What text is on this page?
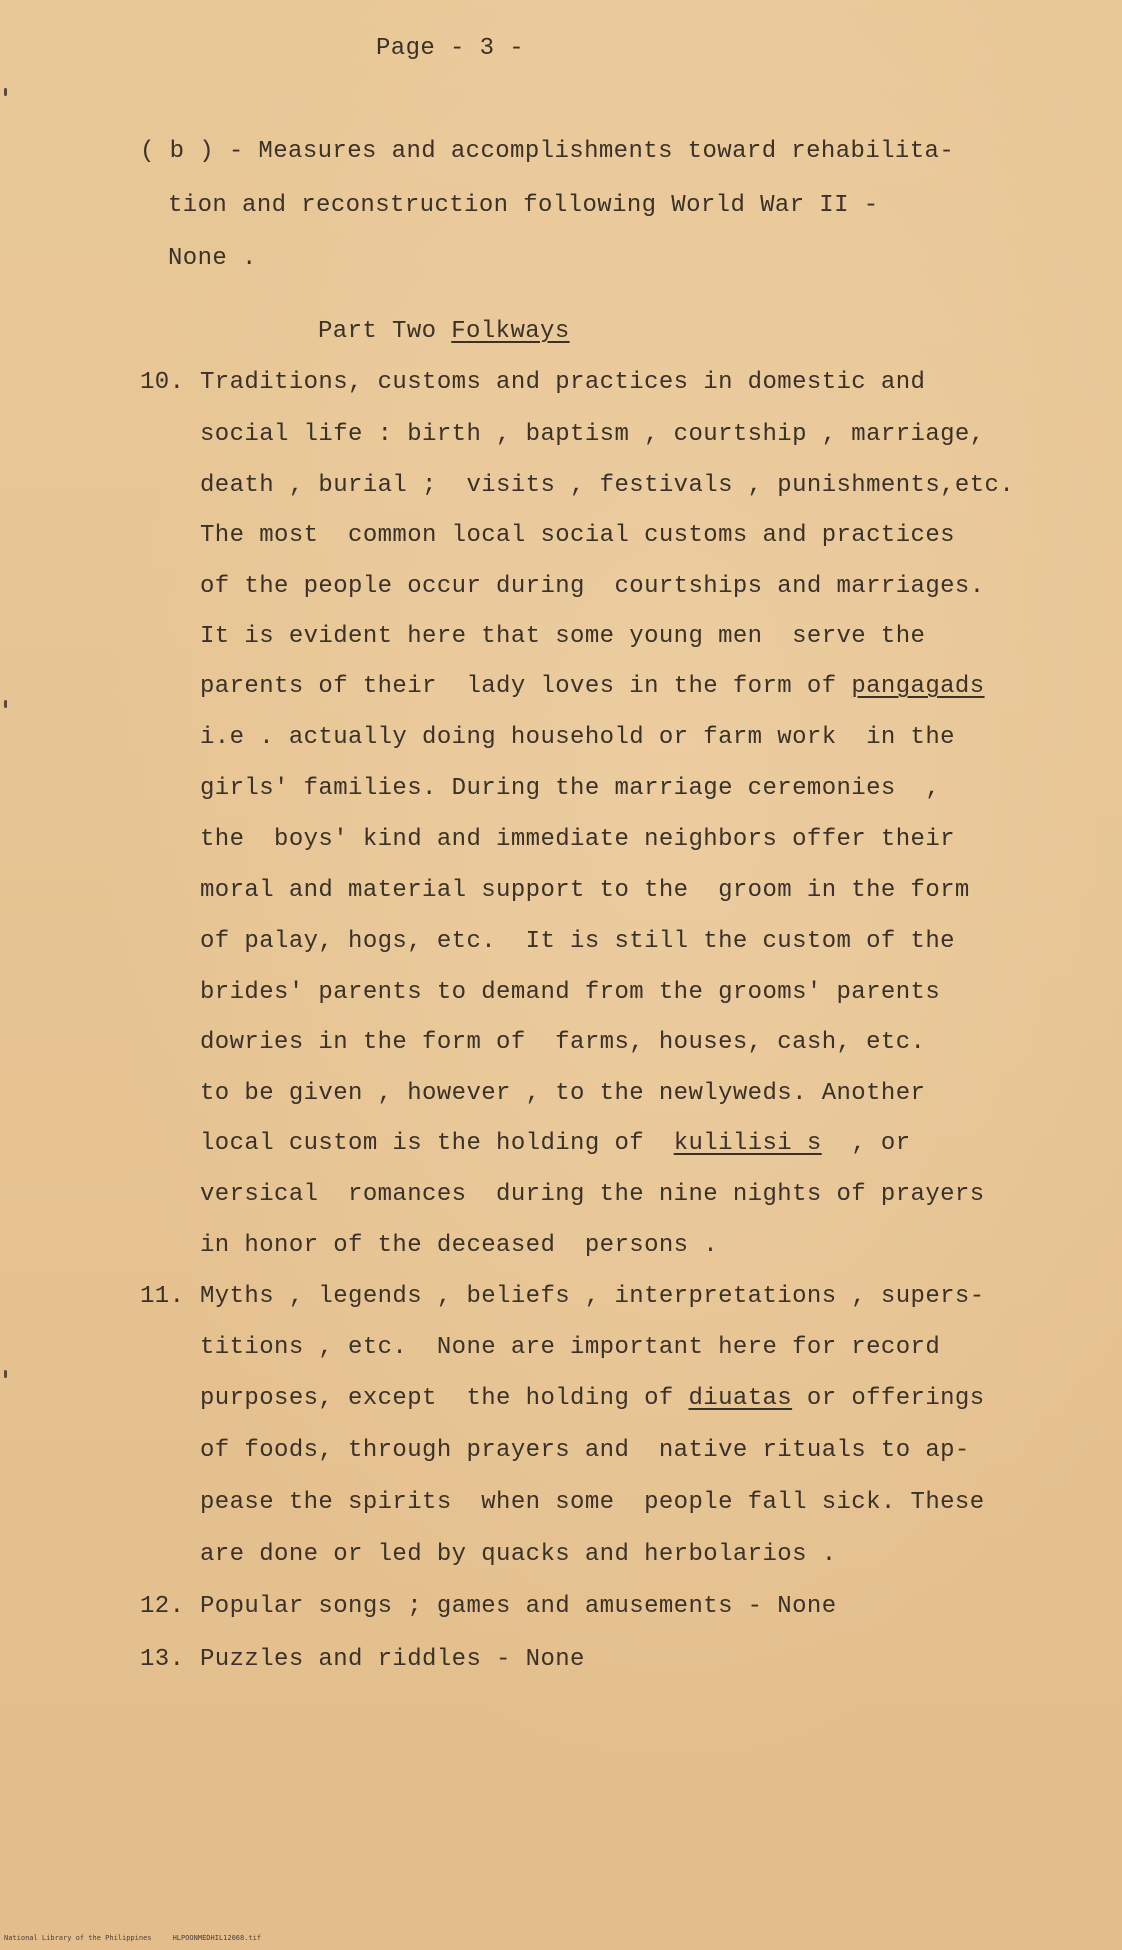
Page - 3 -
( b ) - Measures and accomplishments toward rehabilita-
tion and reconstruction following World War II -
None .
Part Two Folkways
10. Traditions, customs and practices in domestic and
social life : birth , baptism , courtship , marriage,
death , burial ;  visits , festivals , punishments,etc.
The most  common local social customs and practices
of the people occur during  courtships and marriages.
It is evident here that some young men  serve the
parents of their  lady loves in the form of pangagads
i.e . actually doing household or farm work  in the
girls' families. During the marriage ceremonies  ,
the  boys' kind and immediate neighbors offer their
moral and material support to the  groom in the form
of palay, hogs, etc.  It is still the custom of the
brides' parents to demand from the grooms' parents
dowries in the form of  farms, houses, cash, etc.
to be given , however , to the newlyweds. Another
local custom is the holding of  kulilisi s  , or
versical  romances  during the nine nights of prayers
in honor of the deceased  persons .
11. Myths , legends , beliefs , interpretations , supers-
titions , etc.  None are important here for record
purposes, except  the holding of diuatas or offerings
of foods, through prayers and  native rituals to ap-
pease the spirits  when some  people fall sick. These
are done or led by quacks and herbolarios .
12. Popular songs ; games and amusements - None
13. Puzzles and riddles - None
National Library of the Philippines     HLPOONMEDHIL12068.tif
